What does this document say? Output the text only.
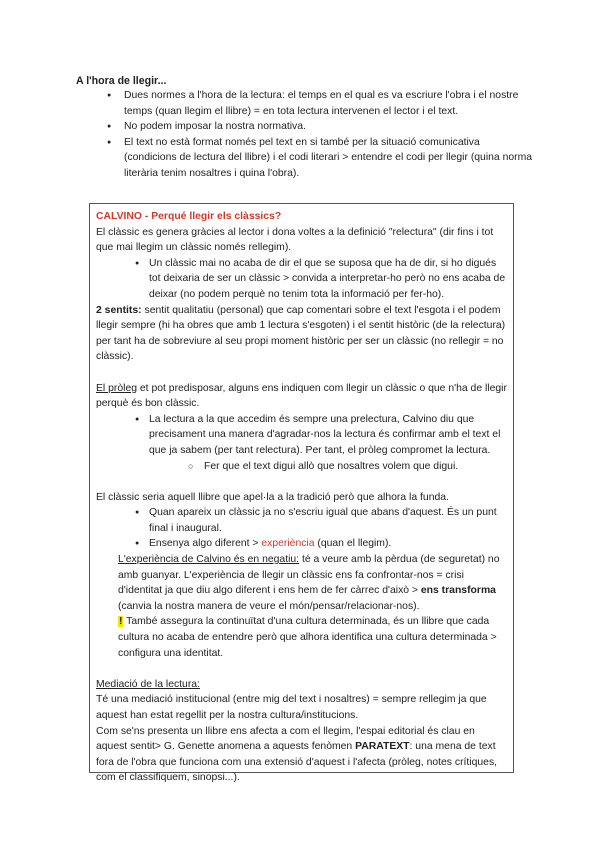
A l'hora de llegir...
● Dues normes a l'hora de la lectura: el temps en el qual es va escriure l'obra i el nostre temps (quan llegim el llibre) = en tota lectura intervenen el lector i el text.
● No podem imposar la nostra normativa.
● El text no està format només pel text en si també per la situació comunicativa (condicions de lectura del llibre) i el codi literari > entendre el codi per llegir (quina norma literària tenim nosaltres i quina l'obra).

CALVINO - Perqué llegir els clàssics?

El clàssic es genera gràcies al lector i dona voltes a la definició "relectura" (dir fins i tot que mai llegim un clàssic només rellegim).

● Un clàssic mai no acaba de dir el que se suposa que ha de dir, si ho digués tot deixaria de ser un clàssic > convida a interpretar-ho però no ens acaba de deixar (no podem perquè no tenim tota la informació per fer-ho).

2 sentits: sentit qualitatiu (personal) que cap comentari sobre el text l'esgota i el podem llegir sempre (hi ha obres que amb 1 lectura s'esgoten) i el sentit històric (de la relectura) per tant ha de sobreviure al seu propi moment històric per ser un clàssic (no rellegir = no clàssic).

El pròleg et pot predisposar, alguns ens indiquen com llegir un clàssic o que n'ha de llegir perquè és bon clàssic.

● La lectura a la que accedim és sempre una prelectura, Calvino diu que precisament una manera d'agradar-nos la lectura és confirmar amb el text el que ja sabem (per tant relectura). Per tant, el pròleg compromet la lectura.
○ Fer que el text digui allò que nosaltres volem que digui.

El clàssic seria aquell llibre que apel·la a la tradició però que alhora la funda.

● Quan apareix un clàssic ja no s'escriu igual que abans d'aquest. És un punt final i inaugural.
● Ensenya algo diferent > experiència (quan el llegim).

L'experiència de Calvino és en negatiu: té a veure amb la pèrdua (de seguretat) no amb guanyar. L'experiència de llegir un clàssic ens fa confrontar-nos = crisi d'identitat ja que diu algo diferent i ens hem de fer càrrec d'això > ens transforma (canvia la nostra manera de veure el món/pensar/relacionar-nos).

! També assegura la continuïtat d'una cultura determinada, és un llibre que cada cultura no acaba de entendre però que alhora identifica una cultura determinada > configura una identitat.

Mediació de la lectura:

Té una mediació institucional (entre mig del text i nosaltres) = sempre rellegim ja que aquest han estat regellit per la nostra cultura/institucions.

Com se'ns presenta un llibre ens afecta a com el llegim, l'espai editorial és clau en aquest sentit> G. Genette anomena a aquests fenòmen PARATEXT: una mena de text fora de l'obra que funciona com una extensió d'aquest i l'afecta (pròleg, notes crítiques, com el classifiquem, sinopsi...).
